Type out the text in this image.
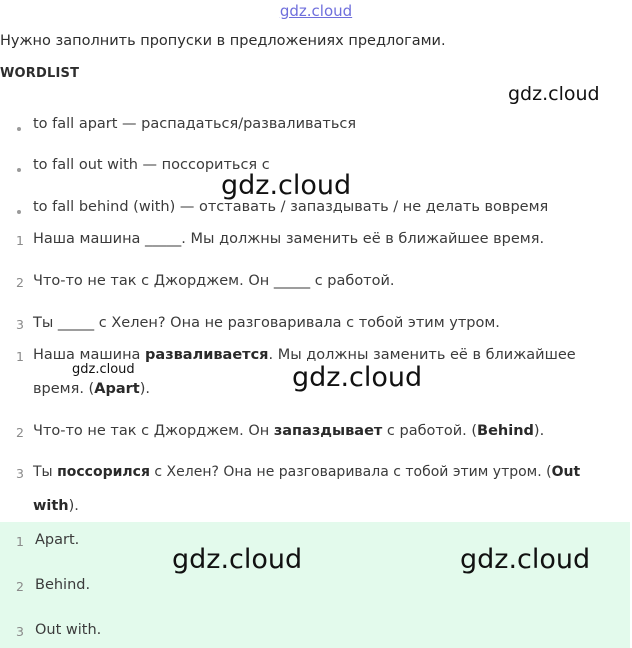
gdz.cloud
Нужно заполнить пропуски в предложениях предлогами.
WORDLIST
to fall apart — распадаться/разваливаться
to fall out with — поссориться с
to fall behind (with) — отставать / запаздывать / не делать вовремя
1 Наша машина _____. Мы должны заменить её в ближайшее время.
2 Что-то не так с Джорджем. Он _____ с работой.
3 Ты _____ с Хелен? Она не разговаривала с тобой этим утром.
1 Наша машина разваливается. Мы должны заменить её в ближайшее
время. (Apart).
2 Что-то не так с Джорджем. Он запаздывает с работой. (Behind).
3 Ты поссорился с Хелен? Она не разговаривала с тобой этим утром. (Out
with).
1 Apart.
2 Behind.
3 Out with.
gdz.cloud
gdz.cloud
gdz.cloud	gdz.cloud
gdz.cloud	gdz.cloud
